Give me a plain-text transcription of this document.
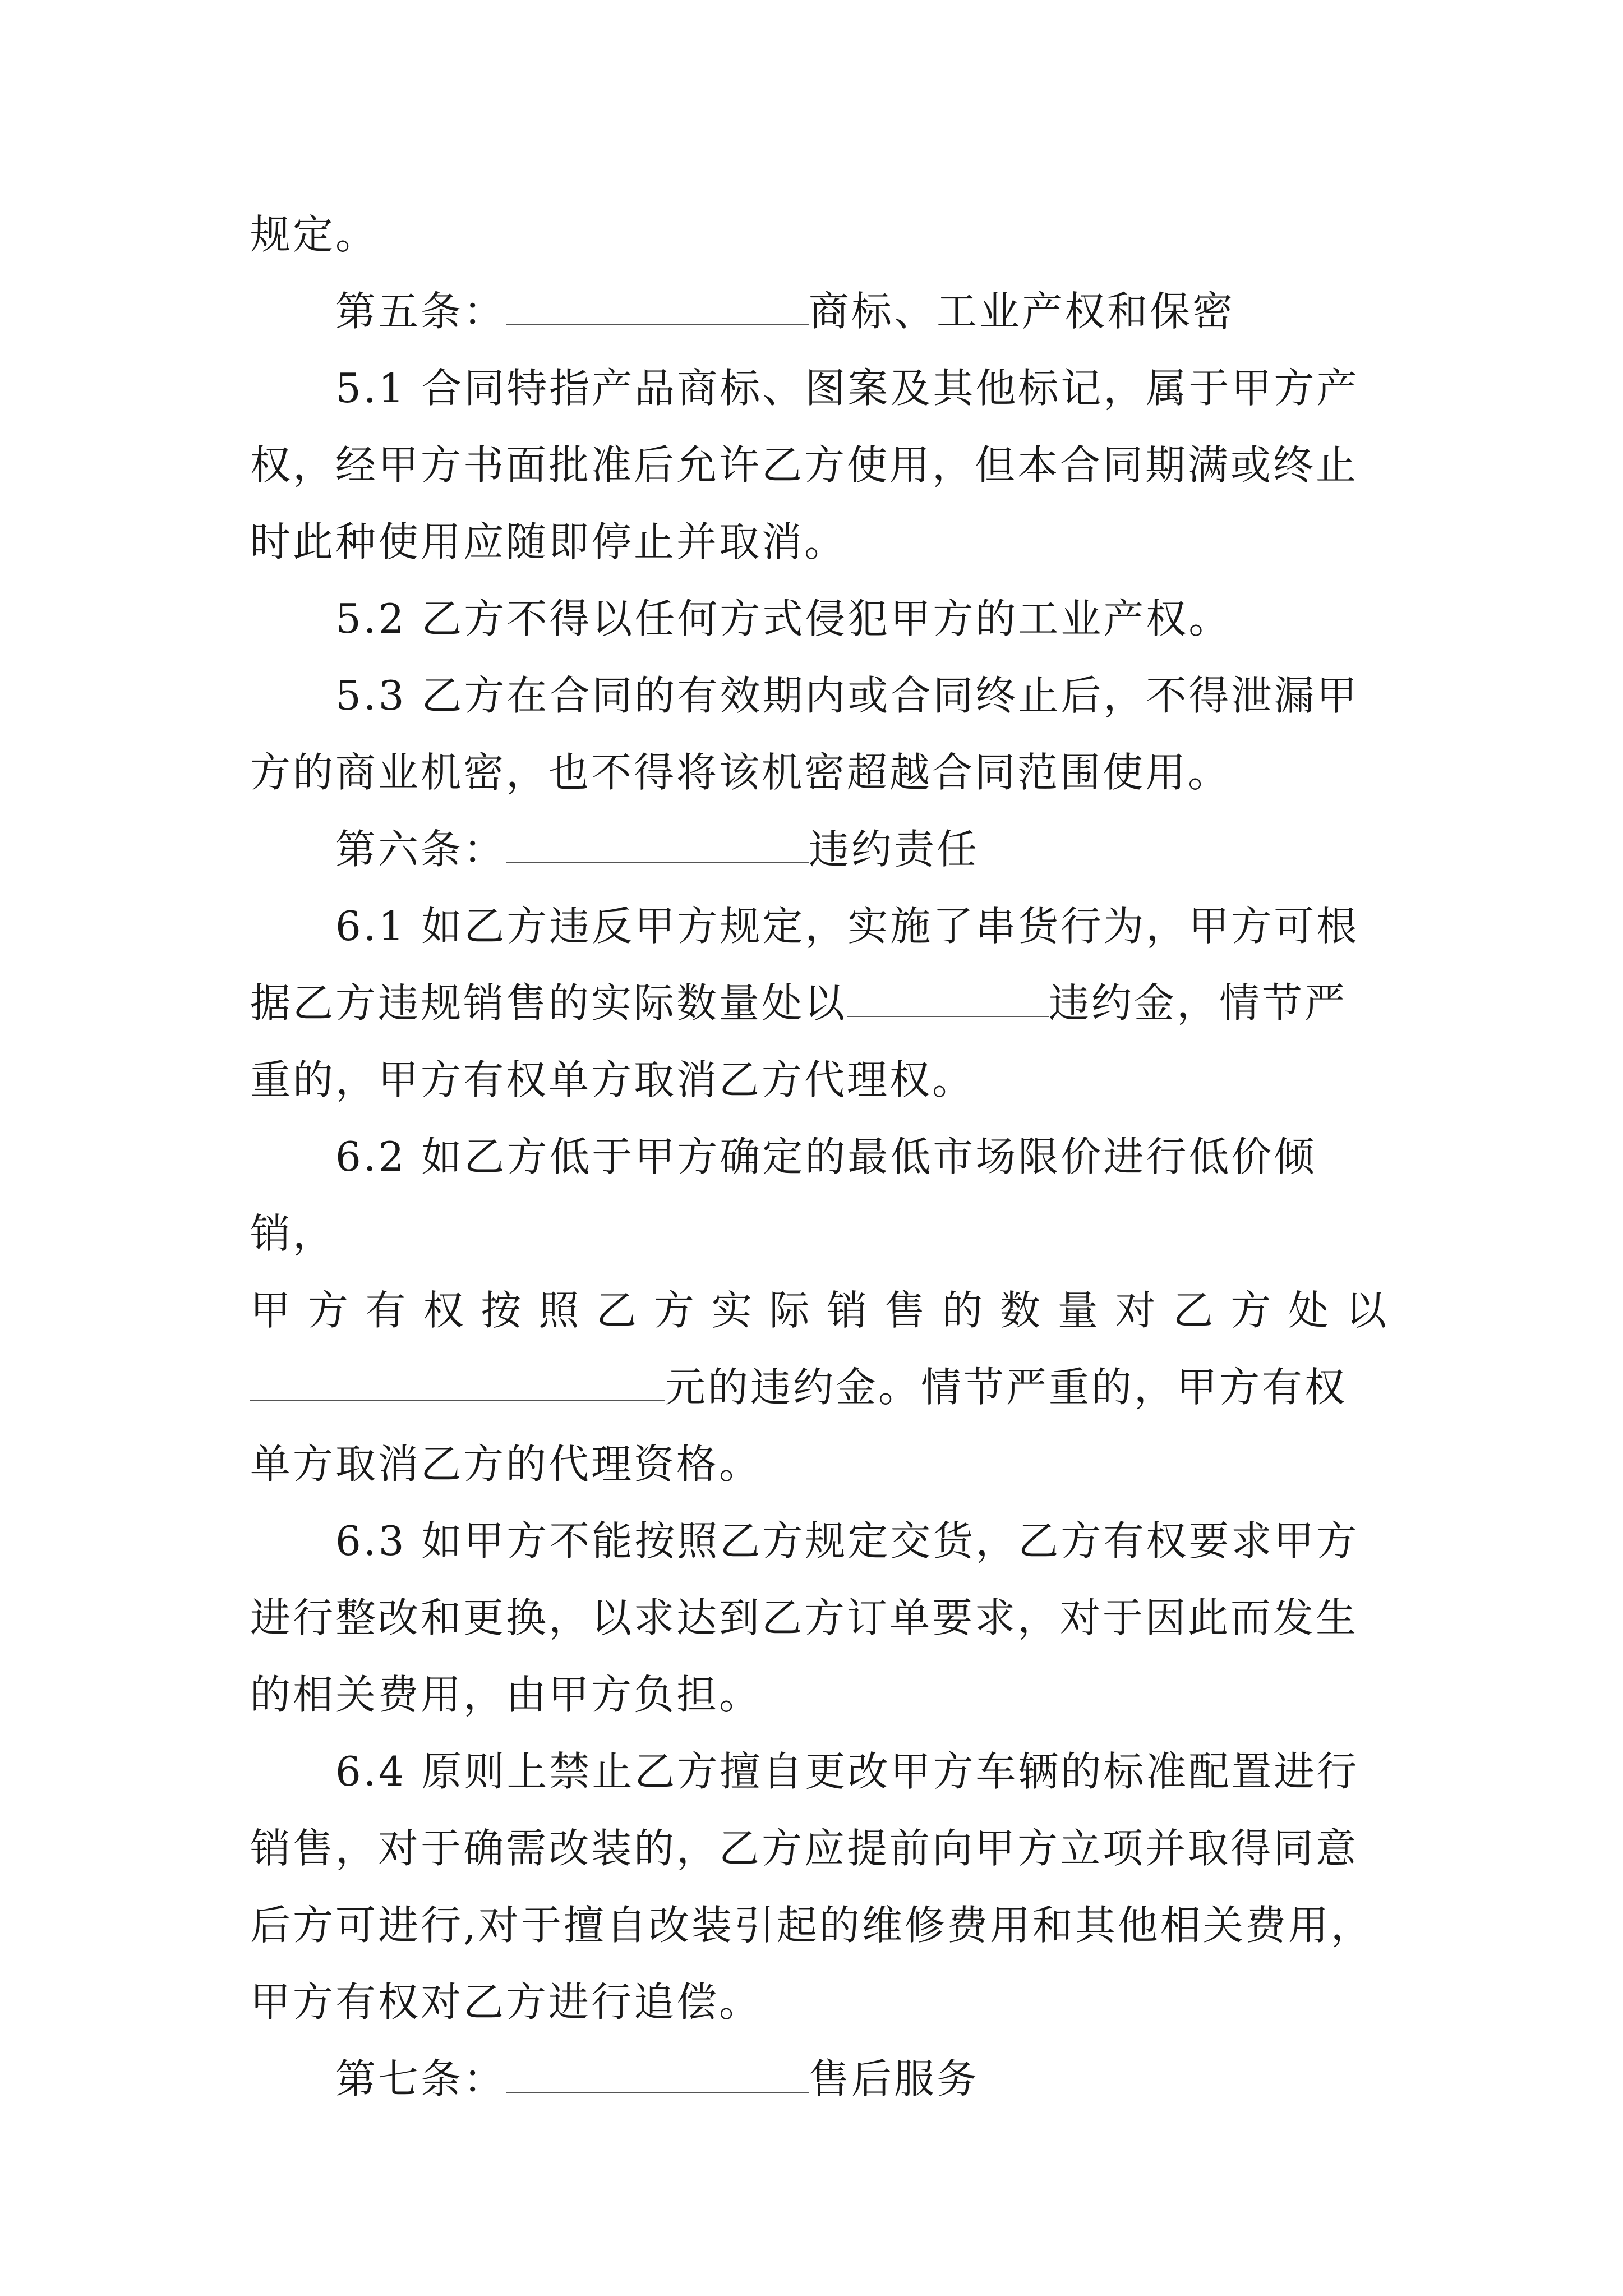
规定。

第五条：	商标、工业产权和保密

5.1 合同特指产品商标、图案及其他标记，属于甲方产权，经甲方书面批准后允许乙方使用，但本合同期满或终止时此种使用应随即停止并取消。

5.2 乙方不得以任何方式侵犯甲方的工业产权。

5.3 乙方在合同的有效期内或合同终止后，不得泄漏甲方的商业机密，也不得将该机密超越合同范围使用。

第六条：	违约责任

6.1 如乙方违反甲方规定，实施了串货行为，甲方可根据乙方违规销售的实际数量处以	违约金，情节严重的，甲方有权单方取消乙方代理权。

6.2 如乙方低于甲方确定的最低市场限价进行低价倾销，

甲方有权按照乙方实际销售的数量对乙方处以

元的违约金。情节严重的，甲方有权单方取消乙方的代理资格。

6.3 如甲方不能按照乙方规定交货，乙方有权要求甲方进行整改和更换，以求达到乙方订单要求，对于因此而发生的相关费用，由甲方负担。

6.4 原则上禁止乙方擅自更改甲方车辆的标准配置进行销售，对于确需改装的，乙方应提前向甲方立项并取得同意后方可进行,对于擅自改装引起的维修费用和其他相关费用，甲方有权对乙方进行追偿。

第七条：	售后服务
